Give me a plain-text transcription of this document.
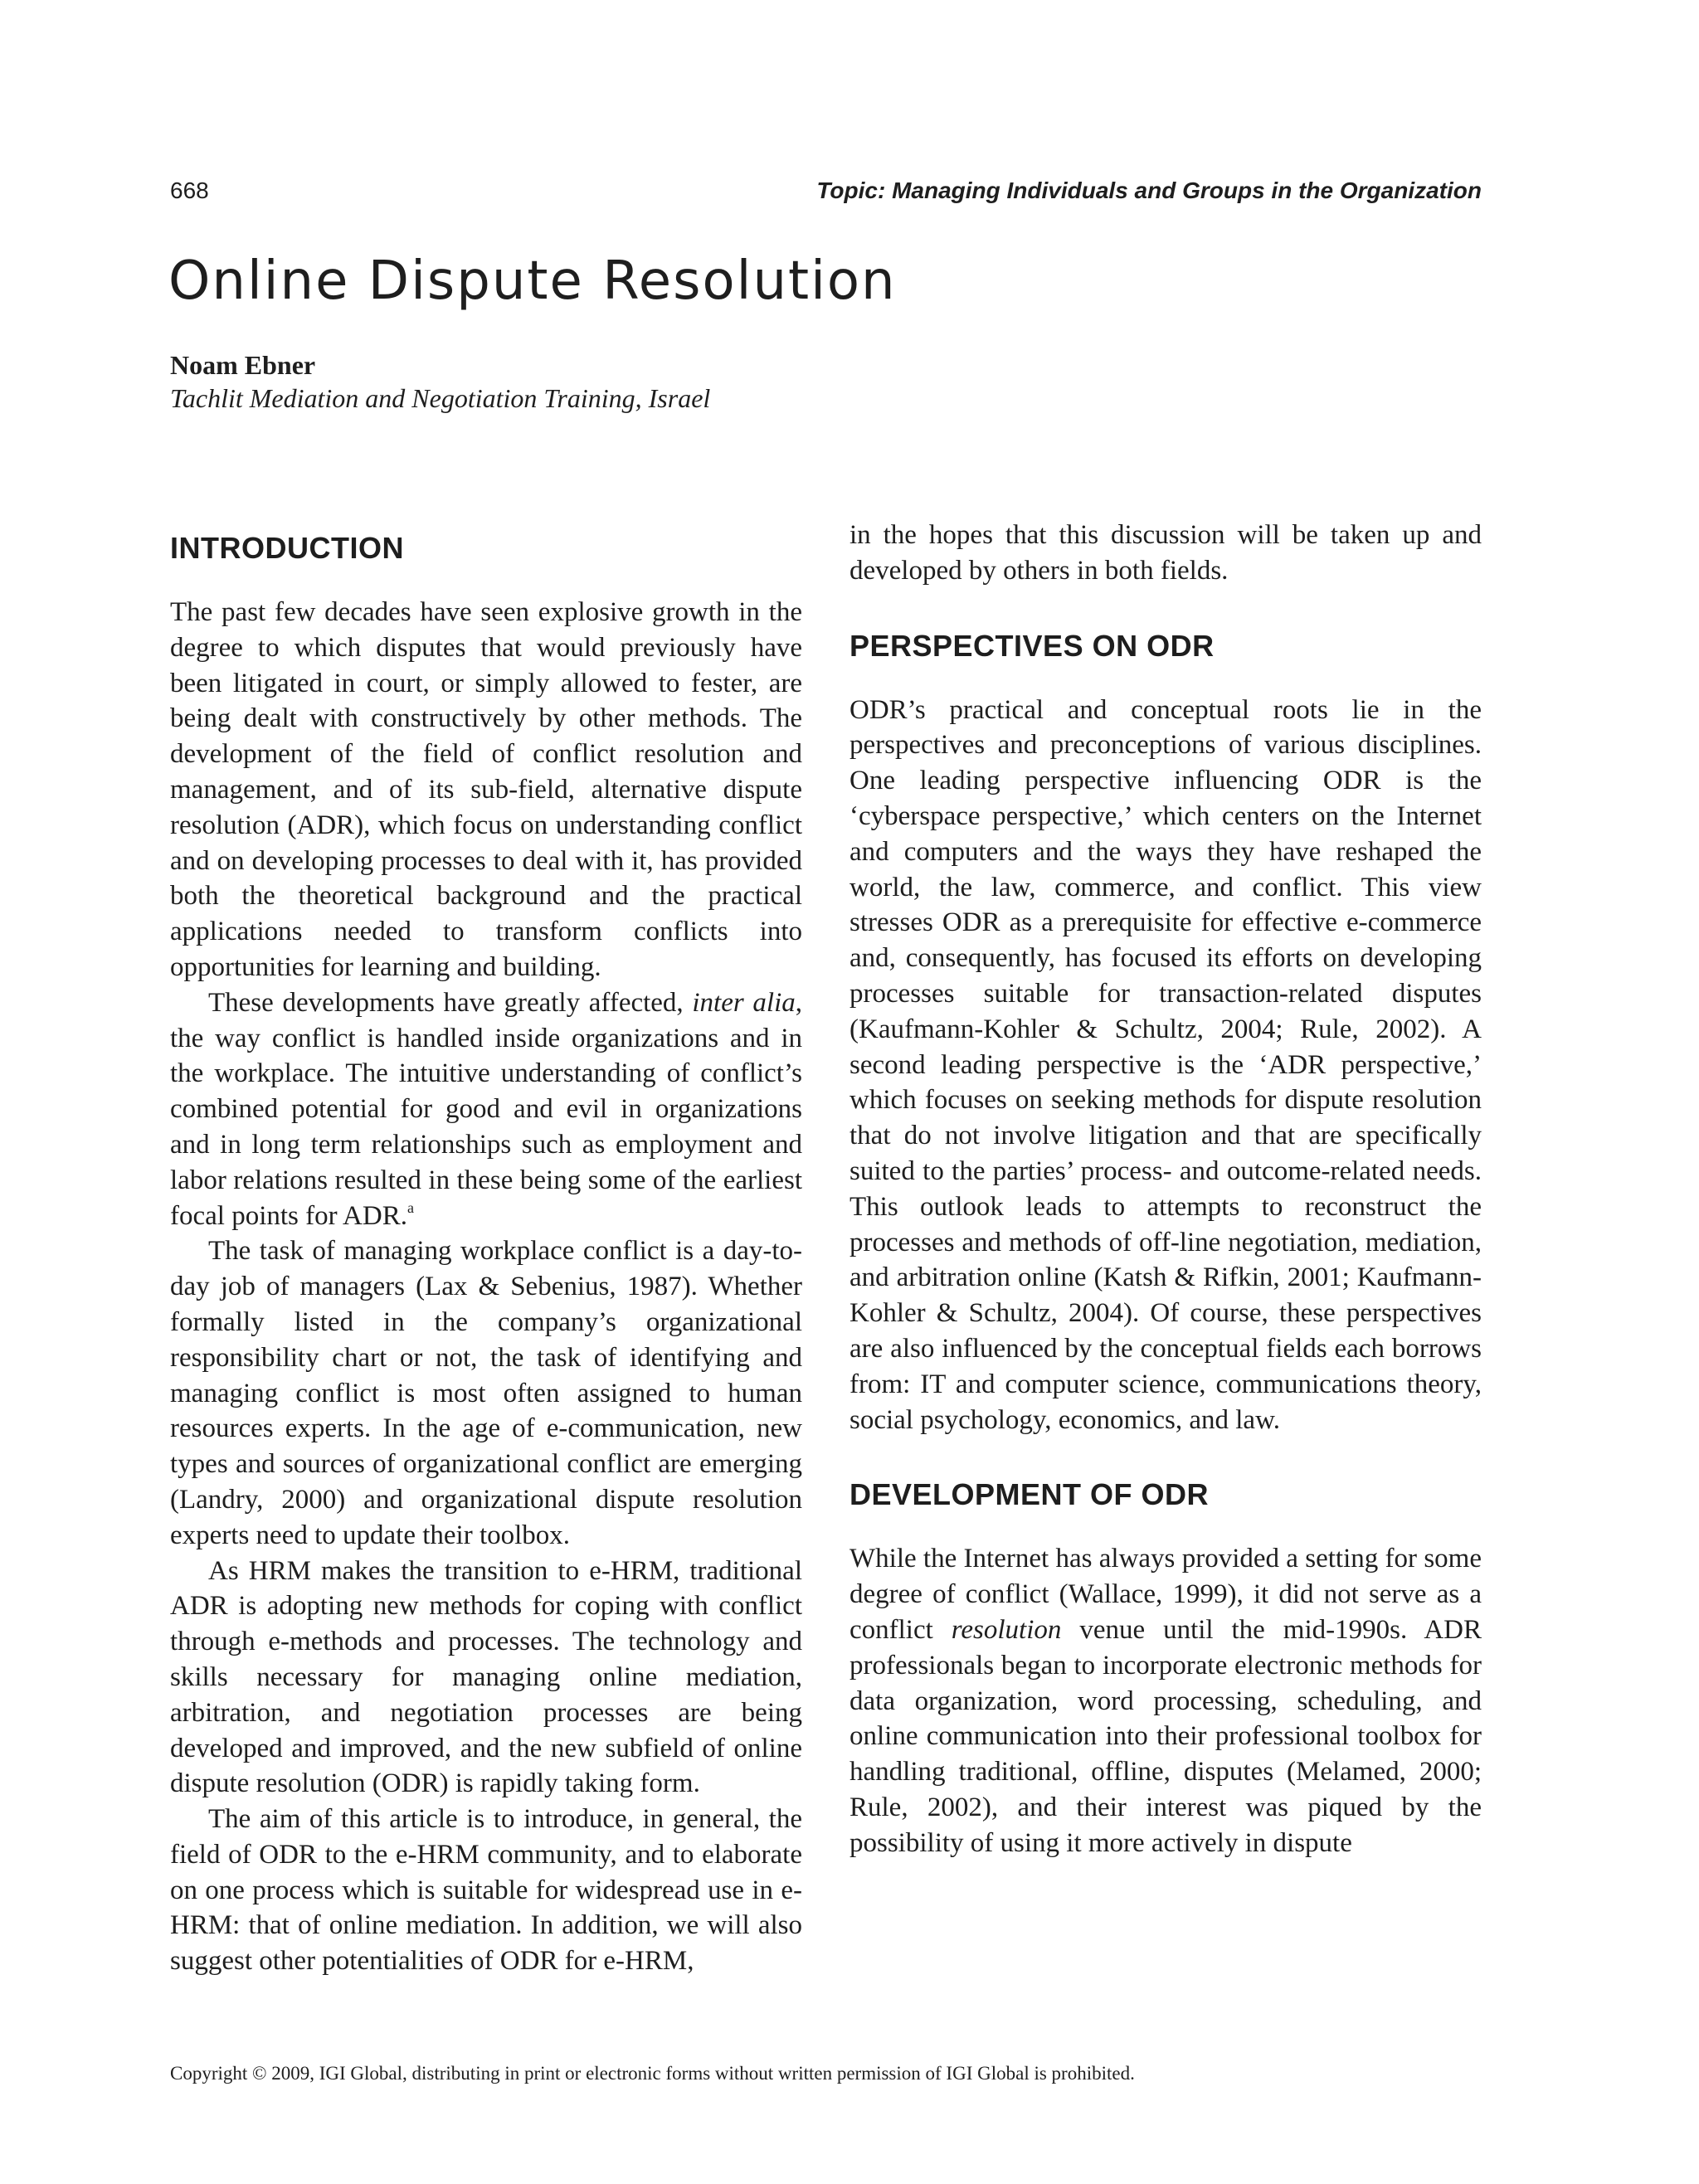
668	Topic: Managing Individuals and Groups in the Organization
Online Dispute Resolution
Noam Ebner
Tachlit Mediation and Negotiation Training, Israel
INTRODUCTION

The past few decades have seen explosive growth in the degree to which disputes that would previously have been litigated in court, or simply allowed to fester, are being dealt with constructively by other methods. The development of the field of conflict resolution and management, and of its sub-field, alternative dispute resolution (ADR), which focus on understanding conflict and on developing processes to deal with it, has provided both the theoretical background and the practical applications needed to transform conflicts into opportunities for learning and building.

These developments have greatly affected, inter alia, the way conflict is handled inside organizations and in the workplace. The intuitive understanding of conflict’s combined potential for good and evil in organizations and in long term relationships such as employment and labor relations resulted in these being some of the earliest focal points for ADR.$^a$

The task of managing workplace conflict is a day-to-day job of managers (Lax & Sebenius, 1987). Whether formally listed in the company’s organizational responsibility chart or not, the task of identifying and managing conflict is most often assigned to human resources experts. In the age of e-communication, new types and sources of organizational conflict are emerging (Landry, 2000) and organizational dispute resolution experts need to update their toolbox.

As HRM makes the transition to e-HRM, traditional ADR is adopting new methods for coping with conflict through e-methods and processes. The technology and skills necessary for managing online mediation, arbitration, and negotiation processes are being developed and improved, and the new subfield of online dispute resolution (ODR) is rapidly taking form.

The aim of this article is to introduce, in general, the field of ODR to the e-HRM community, and to elaborate on one process which is suitable for widespread use in e-HRM: that of online mediation. In addition, we will also suggest other potentialities of ODR for e-HRM,

in the hopes that this discussion will be taken up and developed by others in both fields.

PERSPECTIVES ON ODR

ODR’s practical and conceptual roots lie in the perspectives and preconceptions of various disciplines. One leading perspective influencing ODR is the ‘cyberspace perspective,’ which centers on the Internet and computers and the ways they have reshaped the world, the law, commerce, and conflict. This view stresses ODR as a prerequisite for effective e-commerce and, consequently, has focused its efforts on developing processes suitable for transaction-related disputes (Kaufmann-Kohler & Schultz, 2004; Rule, 2002). A second leading perspective is the ‘ADR perspective,’ which focuses on seeking methods for dispute resolution that do not involve litigation and that are specifically suited to the parties’ process- and outcome-related needs. This outlook leads to attempts to reconstruct the processes and methods of off-line negotiation, mediation, and arbitration online (Katsh & Rifkin, 2001; Kaufmann-Kohler & Schultz, 2004). Of course, these perspectives are also influenced by the conceptual fields each borrows from: IT and computer science, communications theory, social psychology, economics, and law.

DEVELOPMENT OF ODR

While the Internet has always provided a setting for some degree of conflict (Wallace, 1999), it did not serve as a conflict resolution venue until the mid-1990s. ADR professionals began to incorporate electronic methods for data organization, word processing, scheduling, and online communication into their professional toolbox for handling traditional, offline, disputes (Melamed, 2000; Rule, 2002), and their interest was piqued by the possibility of using it more actively in dispute

Copyright © 2009, IGI Global, distributing in print or electronic forms without written permission of IGI Global is prohibited.
